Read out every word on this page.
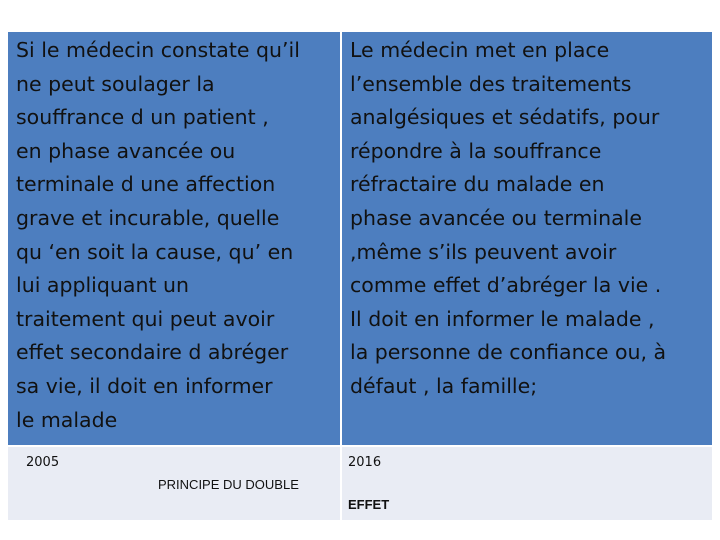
Si le médecin constate qu’il
ne peut soulager la
souffrance d un patient ,
en phase avancée ou
terminale d une affection
grave et incurable, quelle
qu ‘en soit la cause, qu’ en
lui appliquant un
traitement qui peut avoir
effet secondaire d abréger
sa vie, il doit en informer
le malade

Le médecin met en place
l’ensemble des traitements
analgésiques et sédatifs, pour
répondre à la souffrance
réfractaire du malade en
phase avancée ou terminale
,même s’ils peuvent avoir
comme effet d’abréger la vie .
Il doit en informer le malade ,
la personne de confiance ou, à
défaut , la famille;

2005
PRINCIPE DU DOUBLE
2016
EFFET
